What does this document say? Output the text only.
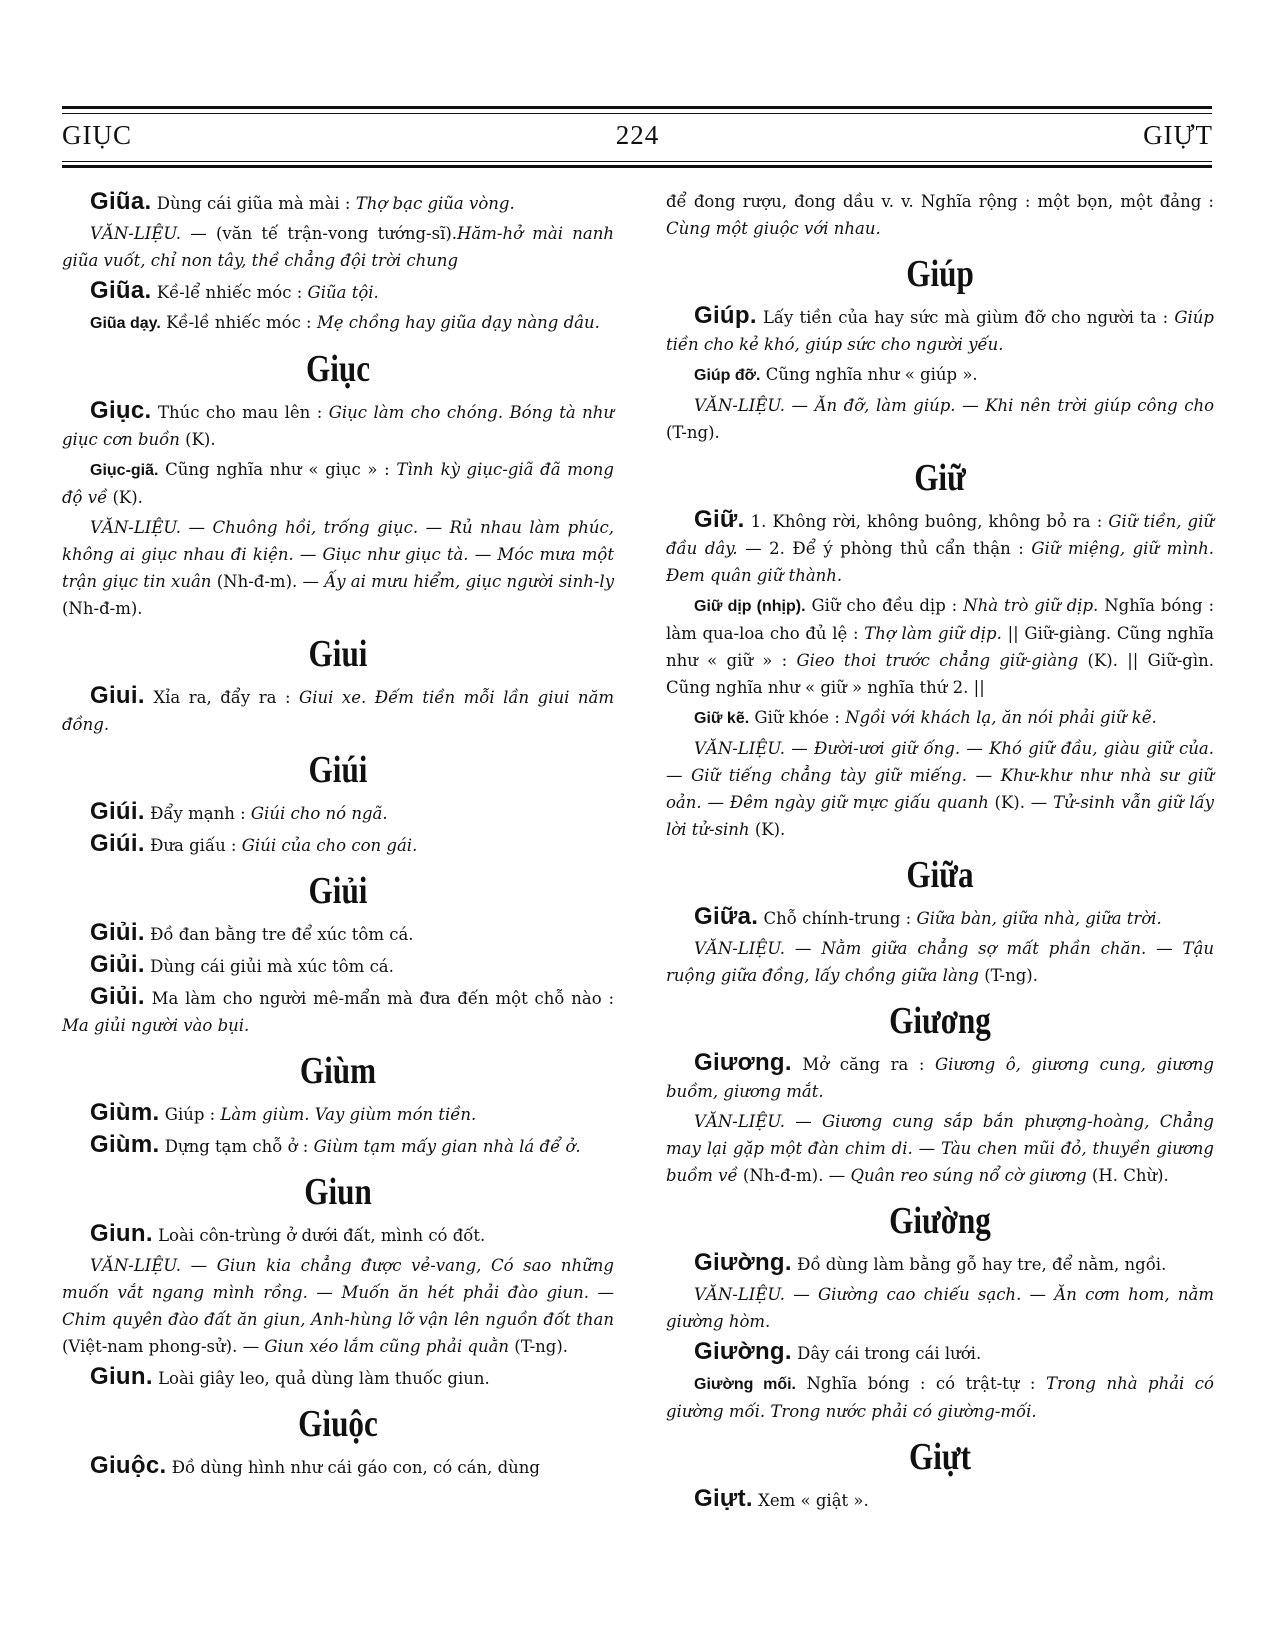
GIỤC	224	GIỰT

Giũa. Dùng cái giũa mà mài : Thợ bạc giũa vòng.

VĂN-LIỆU. — (văn tế trận-vong tướng-sĩ).Hăm-hở mài nanh giũa vuốt, chỉ non tây, thề chẳng đội trời chung

Giũa. Kề-lể nhiếc móc : Giũa tội.

Giũa dạy. Kề-lề nhiếc móc : Mẹ chồng hay giũa dạy nàng dâu.

Giục

Giục. Thúc cho mau lên : Giục làm cho chóng. Bóng tà như giục cơn buồn (K).

Giục-giã. Cũng nghĩa như « giục » : Tình kỳ giục-giã đã mong độ về (K).

VĂN-LIỆU. — Chuông hồi, trống giục. — Rủ nhau làm phúc, không ai giục nhau đi kiện. — Giục như giục tà. — Móc mưa một trận giục tin xuân (Nh-đ-m). — Ấy ai mưu hiểm, giục người sinh-ly (Nh-đ-m).

Giui

Giui. Xỉa ra, đẩy ra : Giui xe. Đếm tiền mỗi lần giui năm đồng.

Giúi

Giúi. Đẩy mạnh : Giúi cho nó ngã.

Giúi. Đưa giấu : Giúi của cho con gái.

Giủi

Giủi. Đồ đan bằng tre để xúc tôm cá.

Giủi. Dùng cái giủi mà xúc tôm cá.

Giủi. Ma làm cho người mê-mẩn mà đưa đến một chỗ nào : Ma giủi người vào bụi.

Giùm

Giùm. Giúp : Làm giùm. Vay giùm món tiền.

Giùm. Dựng tạm chỗ ở : Giùm tạm mấy gian nhà lá để ở.

Giun

Giun. Loài côn-trùng ở dưới đất, mình có đốt.

VĂN-LIỆU. — Giun kia chẳng được vẻ-vang, Có sao những muốn vắt ngang mình rồng. — Muốn ăn hét phải đào giun. — Chim quyên đào đất ăn giun, Anh-hùng lỡ vận lên nguồn đốt than (Việt-nam phong-sử). — Giun xéo lắm cũng phải quằn (T-ng).

Giun. Loài giây leo, quả dùng làm thuốc giun.

Giuộc

Giuộc. Đồ dùng hình như cái gáo con, có cán, dùng

để đong rượu, đong dầu v. v. Nghĩa rộng : một bọn, một đảng : Cùng một giuộc với nhau.

Giúp

Giúp. Lấy tiền của hay sức mà giùm đỡ cho người ta : Giúp tiền cho kẻ khó, giúp sức cho người yếu.

Giúp đỡ. Cũng nghĩa như « giúp ».

VĂN-LIỆU. — Ăn đỡ, làm giúp. — Khi nên trời giúp công cho (T-ng).

Giữ

Giữ. 1. Không rời, không buông, không bỏ ra : Giữ tiền, giữ đầu dây. — 2. Để ý phòng thủ cẩn thận : Giữ miệng, giữ mình. Đem quân giữ thành.

Giữ dịp (nhịp). Giữ cho đều dịp : Nhà trò giữ dịp. Nghĩa bóng : làm qua-loa cho đủ lệ : Thợ làm giữ dịp. || Giữ-giàng. Cũng nghĩa như « giữ » : Gieo thoi trước chẳng giữ-giàng (K). || Giữ-gìn. Cũng nghĩa như « giữ » nghĩa thứ 2. ||

Giữ kẽ. Giữ khóe : Ngồi với khách lạ, ăn nói phải giữ kẽ.

VĂN-LIỆU. — Đười-ươi giữ ống. — Khó giữ đầu, giàu giữ của. — Giữ tiếng chẳng tày giữ miếng. — Khư-khư như nhà sư giữ oản. — Đêm ngày giữ mực giấu quanh (K). — Tử-sinh vẫn giữ lấy lời tử-sinh (K).

Giữa

Giữa. Chỗ chính-trung : Giữa bàn, giữa nhà, giữa trời.

VĂN-LIỆU. — Nằm giữa chẳng sợ mất phần chăn. — Tậu ruộng giữa đồng, lấy chồng giữa làng (T-ng).

Giương

Giương. Mở căng ra : Giương ô, giương cung, giương buồm, giương mắt.

VĂN-LIỆU. — Giương cung sắp bắn phượng-hoàng, Chẳng may lại gặp một đàn chim di. — Tàu chen mũi đỏ, thuyền giương buồm về (Nh-đ-m). — Quân reo súng nổ cờ giương (H. Chừ).

Giường

Giường. Đồ dùng làm bằng gỗ hay tre, để nằm, ngồi.

VĂN-LIỆU. — Giường cao chiếu sạch. — Ăn cơm hom, nằm giường hòm.

Giường. Dây cái trong cái lưới.

Giường mối. Nghĩa bóng : có trật-tự : Trong nhà phải có giường mối. Trong nước phải có giường-mối.

Giựt

Giựt. Xem « giật ».
